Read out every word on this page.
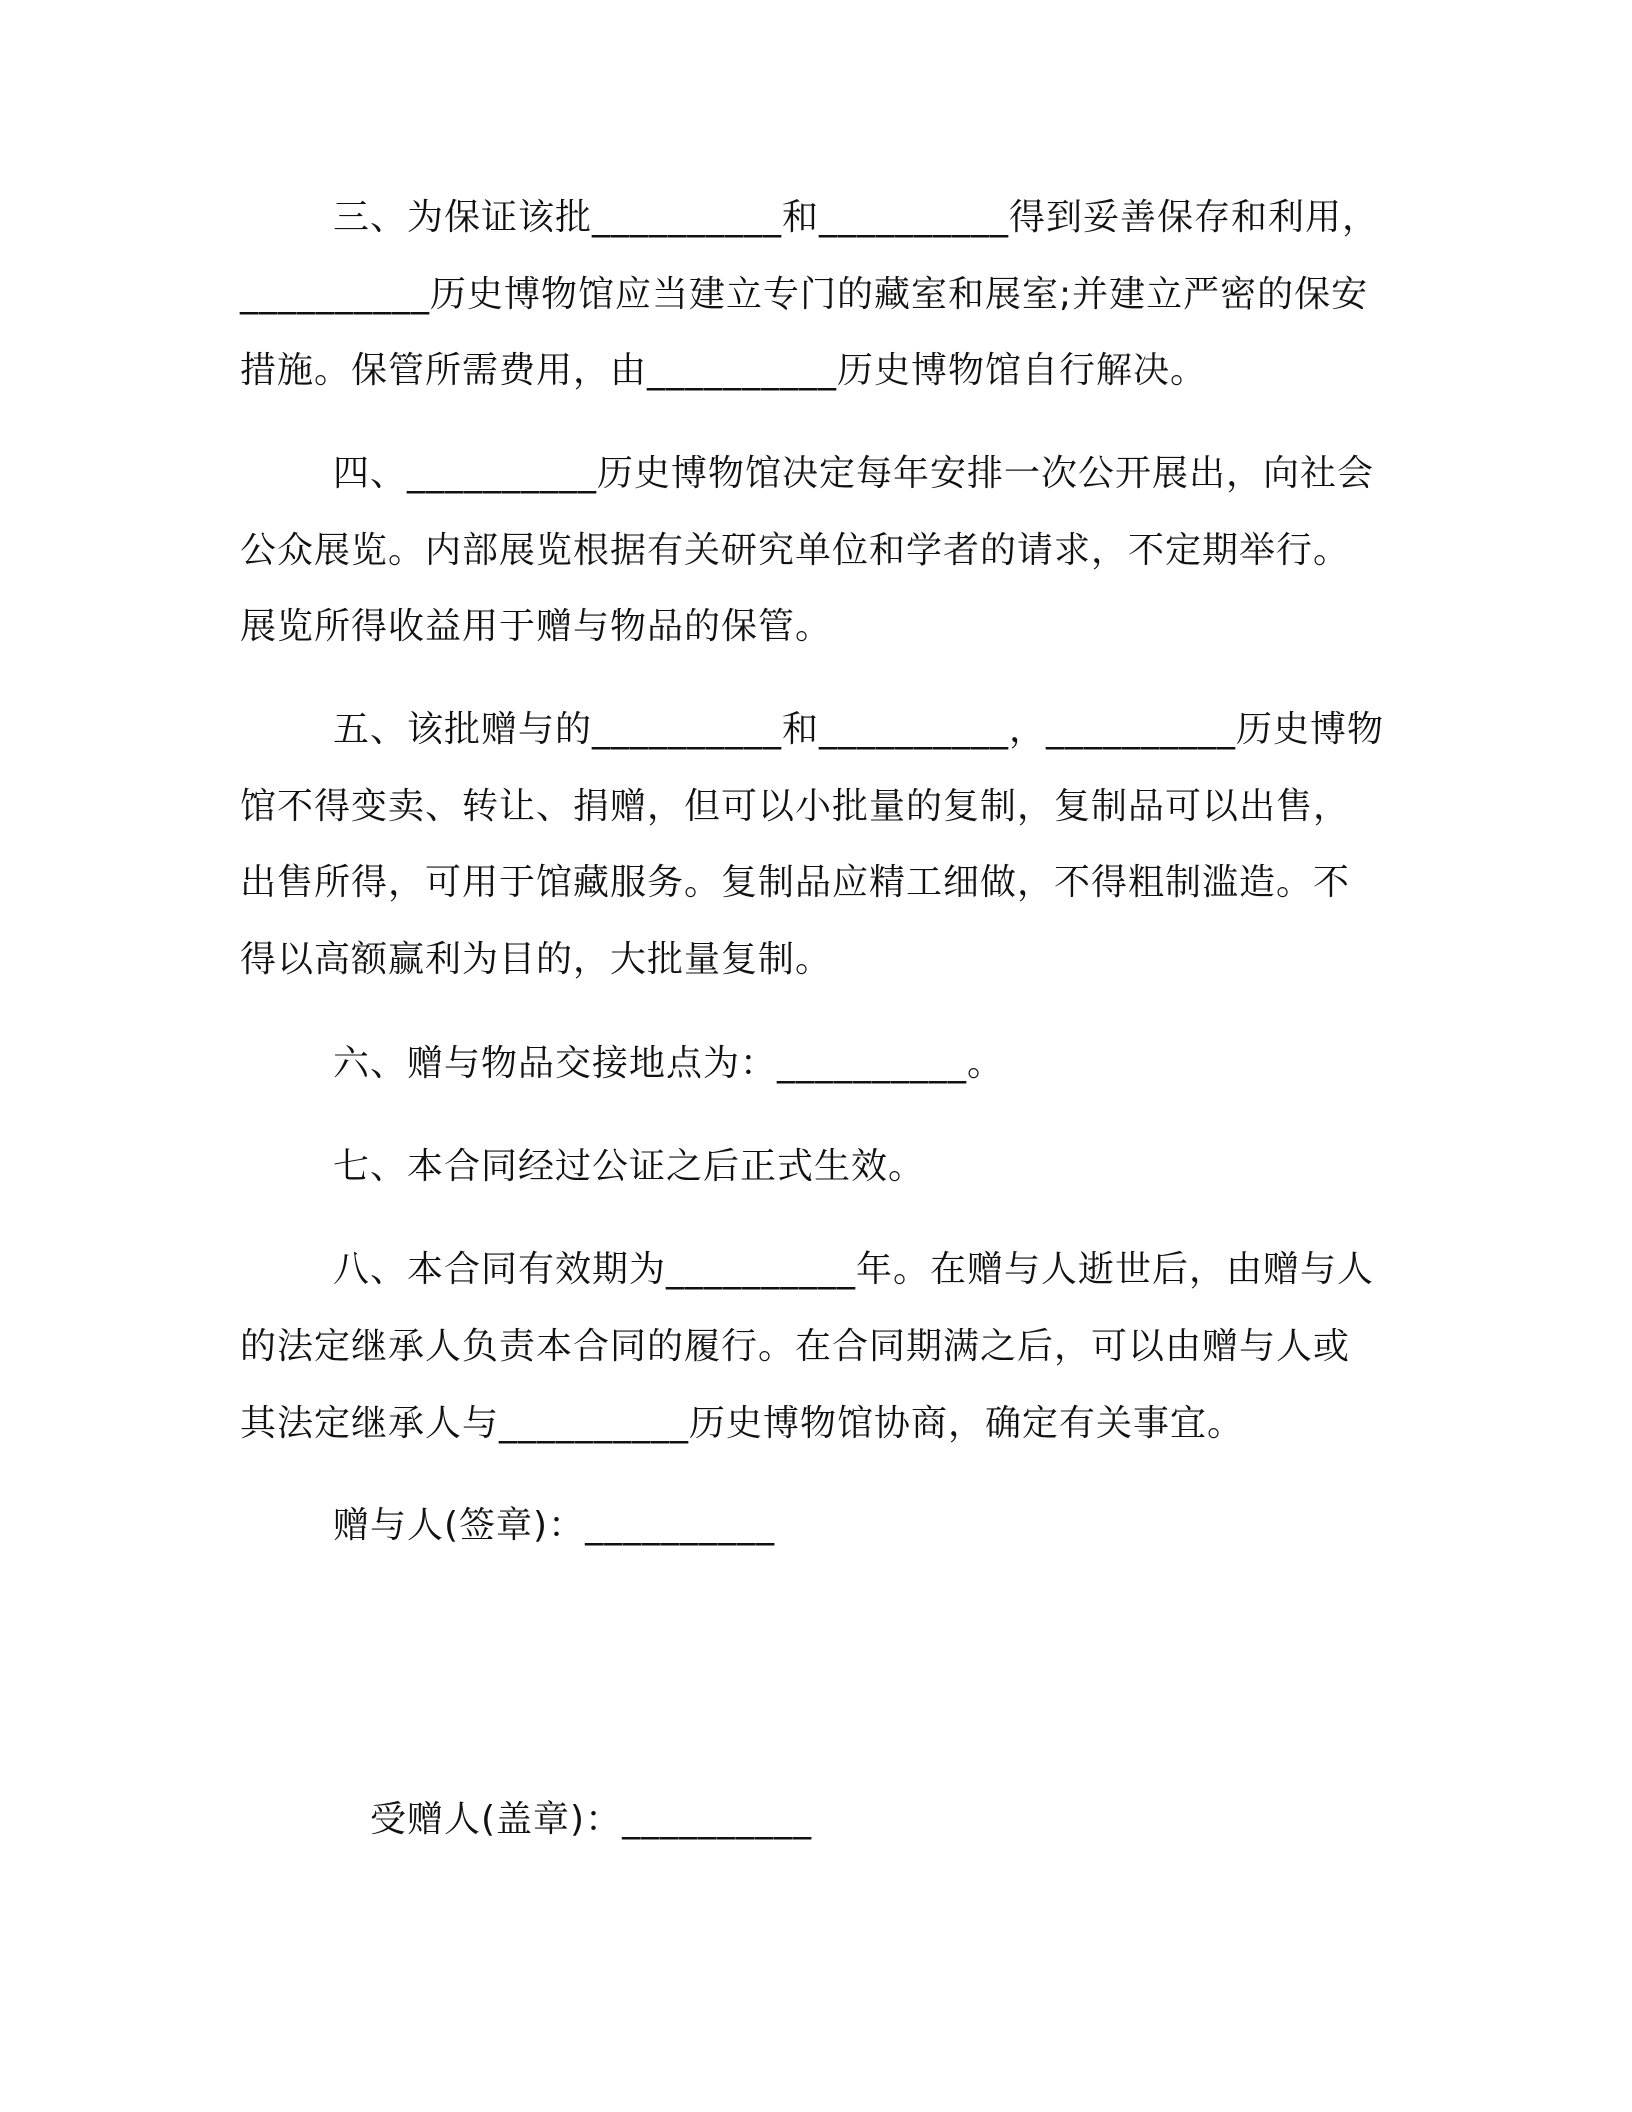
三、为保证该批__________和__________得到妥善保存和利用，
__________历史博物馆应当建立专门的藏室和展室;并建立严密的保安
措施。保管所需费用，由__________历史博物馆自行解决。
四、__________历史博物馆决定每年安排一次公开展出，向社会
公众展览。内部展览根据有关研究单位和学者的请求，不定期举行。
展览所得收益用于赠与物品的保管。
五、该批赠与的__________和__________，__________历史博物
馆不得变卖、转让、捐赠，但可以小批量的复制，复制品可以出售，
出售所得，可用于馆藏服务。复制品应精工细做，不得粗制滥造。不
得以高额赢利为目的，大批量复制。
六、赠与物品交接地点为：__________。
七、本合同经过公证之后正式生效。
八、本合同有效期为__________年。在赠与人逝世后，由赠与人
的法定继承人负责本合同的履行。在合同期满之后，可以由赠与人或
其法定继承人与__________历史博物馆协商，确定有关事宜。
赠与人(签章)：__________
受赠人(盖章)：__________
